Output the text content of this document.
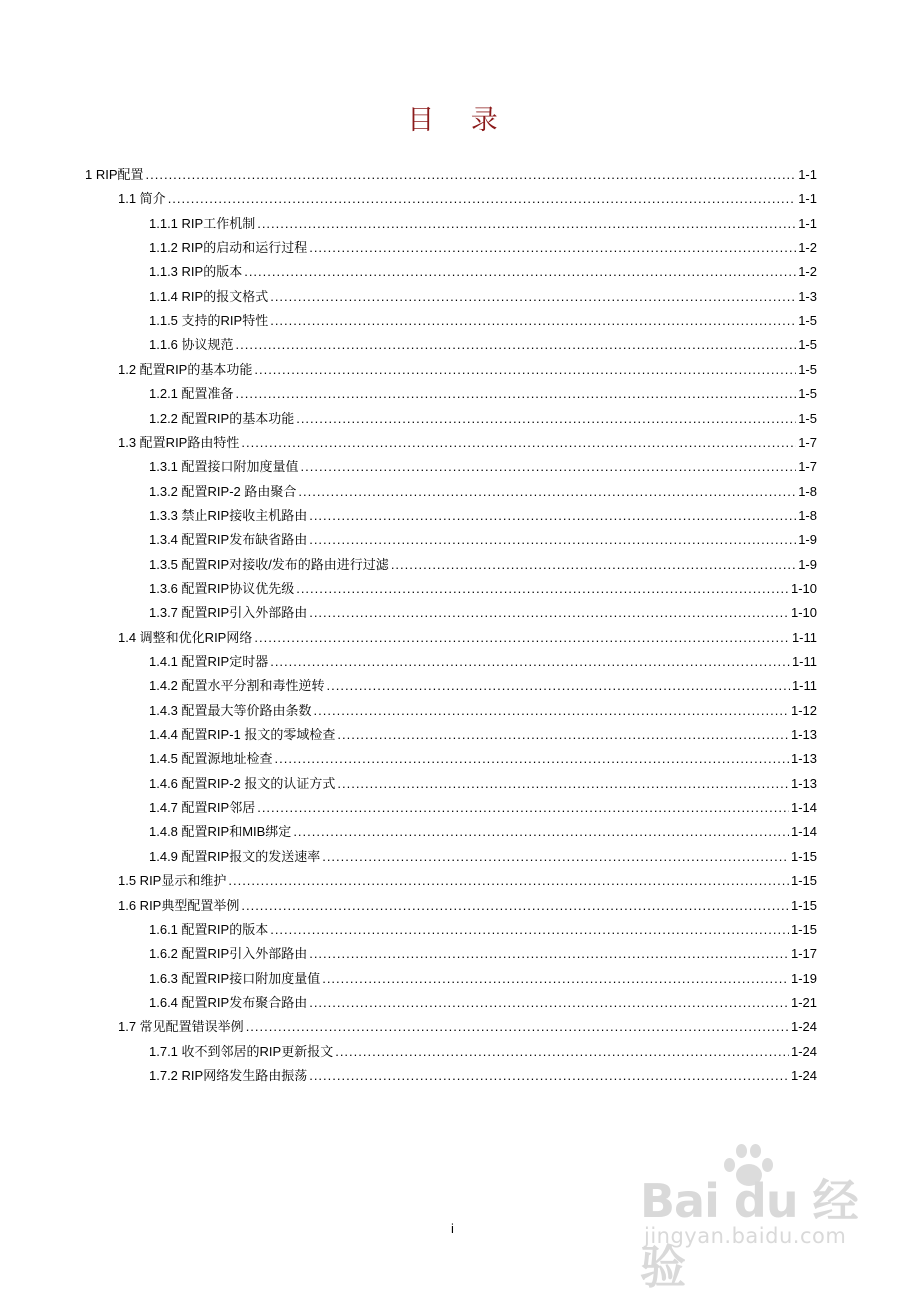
目 录
1 RIP配置 .....	1-1
1.1 简介 .....	1-1
1.1.1 RIP工作机制 .....	1-1
1.1.2 RIP的启动和运行过程 .....	1-2
1.1.3 RIP的版本 .....	1-2
1.1.4 RIP的报文格式 .....	1-3
1.1.5 支持的RIP特性 .....	1-5
1.1.6 协议规范 .....	1-5
1.2 配置RIP的基本功能 .....	1-5
1.2.1 配置准备 .....	1-5
1.2.2 配置RIP的基本功能 .....	1-5
1.3 配置RIP路由特性 .....	1-7
1.3.1 配置接口附加度量值 .....	1-7
1.3.2 配置RIP-2 路由聚合 .....	1-8
1.3.3 禁止RIP接收主机路由 .....	1-8
1.3.4 配置RIP发布缺省路由 .....	1-9
1.3.5 配置RIP对接收/发布的路由进行过滤 .....	1-9
1.3.6 配置RIP协议优先级 .....	1-10
1.3.7 配置RIP引入外部路由 .....	1-10
1.4 调整和优化RIP网络 .....	1-11
1.4.1 配置RIP定时器 .....	1-11
1.4.2 配置水平分割和毒性逆转 .....	1-11
1.4.3 配置最大等价路由条数 .....	1-12
1.4.4 配置RIP-1 报文的零域检查 .....	1-13
1.4.5 配置源地址检查 .....	1-13
1.4.6 配置RIP-2 报文的认证方式 .....	1-13
1.4.7 配置RIP邻居 .....	1-14
1.4.8 配置RIP和MIB绑定 .....	1-14
1.4.9 配置RIP报文的发送速率 .....	1-15
1.5 RIP显示和维护 .....	1-15
1.6 RIP典型配置举例 .....	1-15
1.6.1 配置RIP的版本 .....	1-15
1.6.2 配置RIP引入外部路由 .....	1-17
1.6.3 配置RIP接口附加度量值 .....	1-19
1.6.4 配置RIP发布聚合路由 .....	1-21
1.7 常见配置错误举例 .....	1-24
1.7.1 收不到邻居的RIP更新报文 .....	1-24
1.7.2 RIP网络发生路由振荡 .....	1-24
i
Bai du 经验
jingyan.baidu.com
